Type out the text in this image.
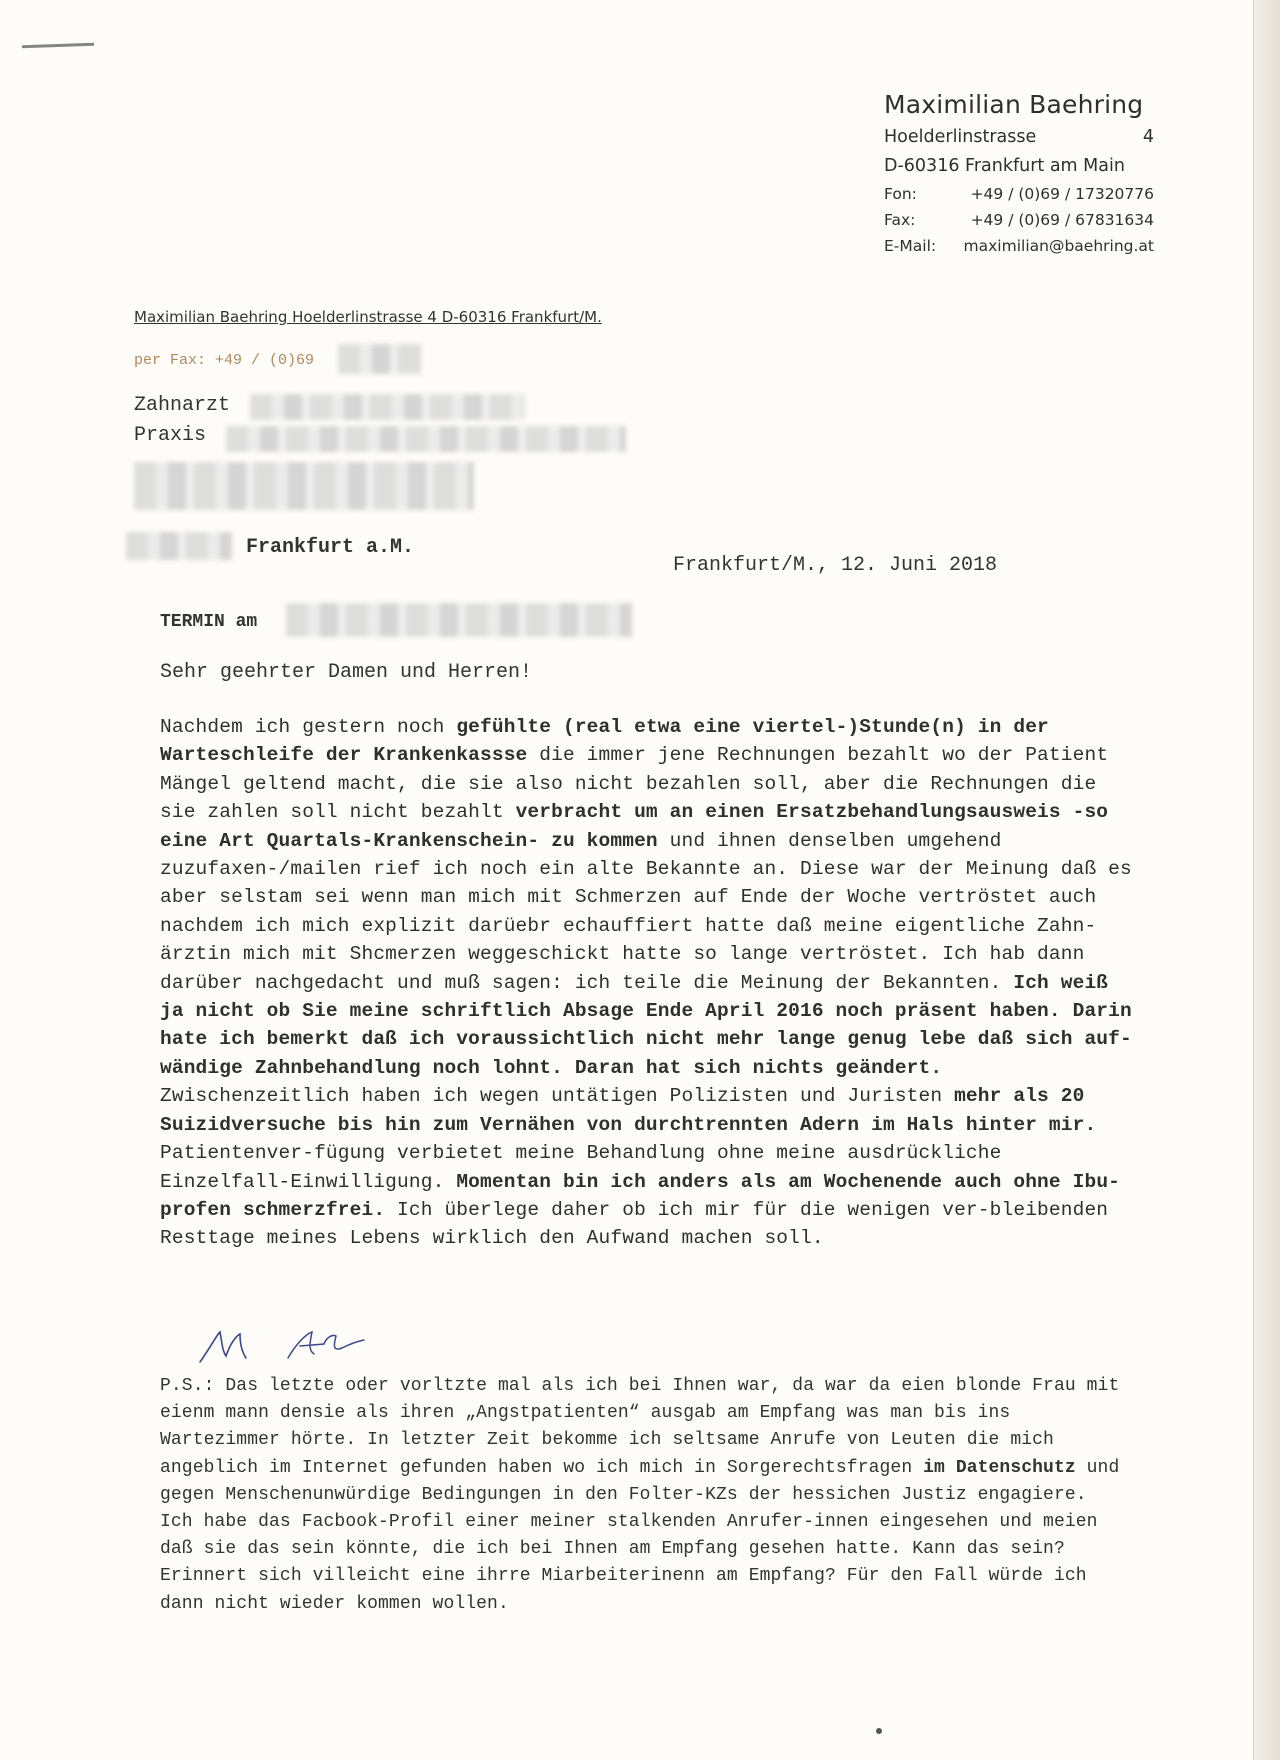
Maximilian Baehring
Hoelderlinstrasse	4
D-60316 Frankfurt am Main
Fon:	+49 / (0)69 / 17320776
Fax:	+49 / (0)69 / 67831634
E-Mail:	maximilian@baehring.at
Maximilian Baehring Hoelderlinstrasse 4 D-60316 Frankfurt/M.
per Fax: +49 / (0)69
Zahnarzt
Praxis
Frankfurt a.M.
Frankfurt/M., 12. Juni 2018
TERMIN am
Sehr geehrter Damen und Herren!
Nachdem ich gestern noch gefühlte (real etwa eine viertel-)Stunde(n) in der Warteschleife der Krankenkassse die immer jene Rechnungen bezahlt wo der Patient Mängel geltend macht, die sie also nicht bezahlen soll, aber die Rechnungen die sie zahlen soll nicht bezahlt verbracht um an einen Ersatzbehandlungsausweis -so eine Art Quartals-Krankenschein- zu kommen und ihnen denselben umgehend zuzufaxen-/mailen rief ich noch ein alte Bekannte an. Diese war der Meinung daß es aber selstam sei wenn man mich mit Schmerzen auf Ende der Woche vertröstet auch nachdem ich mich explizit darüebr echauffiert hatte daß meine eigentliche Zahn-ärztin mich mit Shcmerzen weggeschickt hatte so lange vertröstet. Ich hab dann darüber nachgedacht und muß sagen: ich teile die Meinung der Bekannten. Ich weiß ja nicht ob Sie meine schriftlich Absage Ende April 2016 noch präsent haben. Darin hate ich bemerkt daß ich voraussichtlich nicht mehr lange genug lebe daß sich auf-wändige Zahnbehandlung noch lohnt. Daran hat sich nichts geändert. Zwischenzeitlich haben ich wegen untätigen Polizisten und Juristen mehr als 20 Suizidversuche bis hin zum Vernähen von durchtrennten Adern im Hals hinter mir. Patientenver-fügung verbietet meine Behandlung ohne meine ausdrückliche Einzelfall-Einwilligung. Momentan bin ich anders als am Wochenende auch ohne Ibu-profen schmerzfrei. Ich überlege daher ob ich mir für die wenigen ver-bleibenden Resttage meines Lebens wirklich den Aufwand machen soll.
P.S.: Das letzte oder vorltzte mal als ich bei Ihnen war, da war da eien blonde Frau mit eienm mann densie als ihren „Angstpatienten“ ausgab am Empfang was man bis ins Wartezimmer hörte. In letzter Zeit bekomme ich seltsame Anrufe von Leuten die mich angeblich im Internet gefunden haben wo ich mich in Sorgerechtsfragen im Datenschutz und gegen Menschenunwürdige Bedingungen in den Folter-KZs der hessichen Justiz engagiere. Ich habe das Facbook-Profil einer meiner stalkenden Anrufer-innen eingesehen und meien daß sie das sein könnte, die ich bei Ihnen am Empfang gesehen hatte. Kann das sein? Erinnert sich villeicht eine ihrre Miarbeiterinenn am Empfang? Für den Fall würde ich dann nicht wieder kommen wollen.
